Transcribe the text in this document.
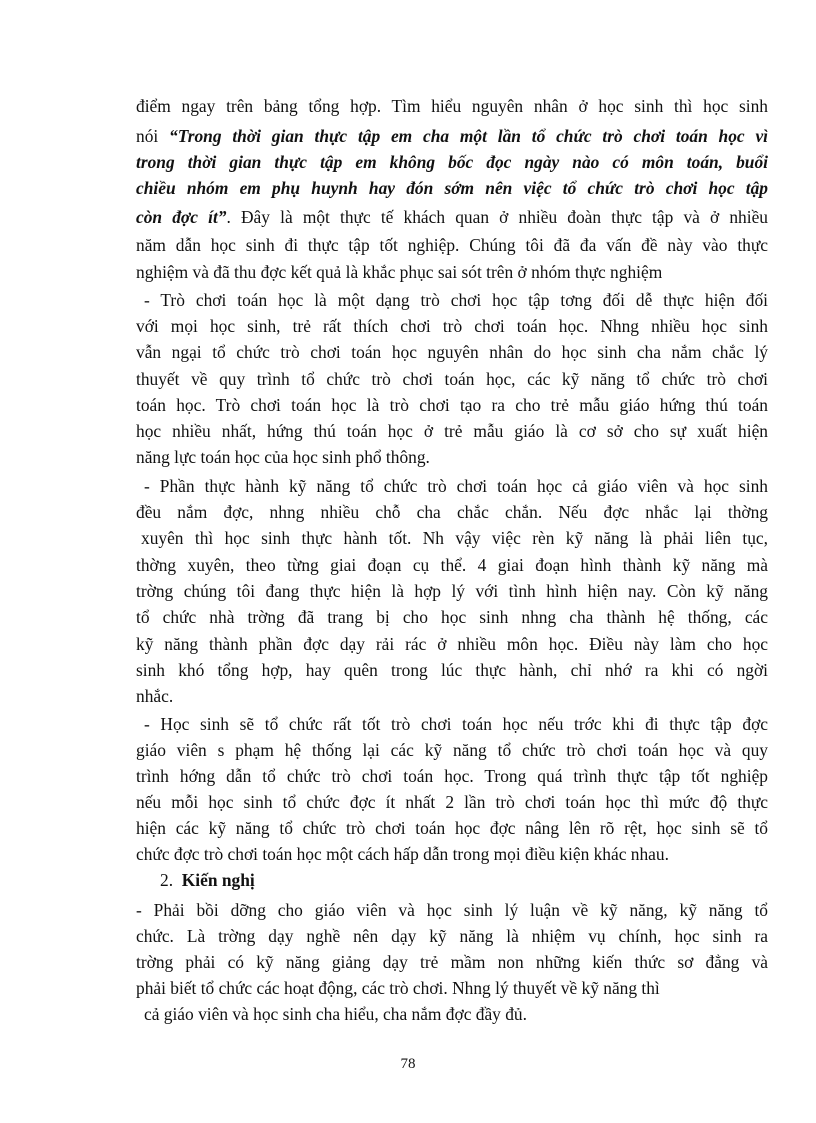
điểm ngay trên bảng tổng hợp. Tìm hiểu nguyên nhân ở học sinh thì học sinh
nói “Trong thời gian thực tập em cha một lần tổ chức trò chơi toán học vì
trong thời gian thực tập em không bốc đọc ngày nào có môn toán, buổi
chiều nhóm em phụ huynh hay đón sớm nên việc tổ chức trò chơi học tập
còn đợc ít”. Đây là một thực tế khách quan ở nhiều đoàn thực tập và ở nhiều
năm dẫn học sinh đi thực tập tốt nghiệp. Chúng tôi đã đa vấn đề này vào thực
nghiệm và đã thu đợc kết quả là khắc phục sai sót trên ở nhóm thực nghiệm
- Trò chơi toán học là một dạng trò chơi học tập tơng đối dễ thực hiện đối
với mọi học sinh, trẻ rất thích chơi trò chơi toán học. Nhng nhiều học sinh
vẫn ngại tổ chức trò chơi toán học nguyên nhân do học sinh cha nắm chắc lý
thuyết về quy trình tổ chức trò chơi toán học, các kỹ năng tổ chức trò chơi
toán học. Trò chơi toán học là trò chơi tạo ra cho trẻ mẫu giáo hứng thú toán
học nhiều nhất, hứng thú toán học ở trẻ mẫu giáo là cơ sở cho sự xuất hiện
năng lực toán học của học sinh phổ thông.
- Phần thực hành kỹ năng tổ chức trò chơi toán học cả giáo viên và học sinh
đều nắm đợc, nhng nhiều chỗ cha chắc chắn. Nếu đợc nhắc lại thờng
xuyên thì học sinh thực hành tốt. Nh vậy việc rèn kỹ năng là phải liên tục,
thờng xuyên, theo từng giai đoạn cụ thể. 4 giai đoạn hình thành kỹ năng mà
trờng chúng tôi đang thực hiện là hợp lý với tình hình hiện nay. Còn kỹ năng
tổ chức nhà trờng đã trang bị cho học sinh nhng cha thành hệ thống, các
kỹ năng thành phần đợc dạy rải rác ở nhiều môn học. Điều này làm cho học
sinh khó tổng hợp, hay quên trong lúc thực hành, chỉ nhớ ra khi có ngời
nhắc.
- Học sinh sẽ tổ chức rất tốt trò chơi toán học nếu trớc khi đi thực tập đợc
giáo viên s phạm hệ thống lại các kỹ năng tổ chức trò chơi toán học và quy
trình hớng dẫn tổ chức trò chơi toán học. Trong quá trình thực tập tốt nghiệp
nếu mỗi học sinh tổ chức đợc ít nhất 2 lần trò chơi toán học thì mức độ thực
hiện các kỹ năng tổ chức trò chơi toán học đợc nâng lên rõ rệt, học sinh sẽ tổ
chức đợc trò chơi toán học một cách hấp dẫn trong mọi điều kiện khác nhau.
2. Kiến nghị
- Phải bồi dỡng cho giáo viên và học sinh lý luận về kỹ năng, kỹ năng tổ
chức. Là trờng dạy nghề nên dạy kỹ năng là nhiệm vụ chính, học sinh ra
trờng phải có kỹ năng giảng dạy trẻ mầm non những kiến thức sơ đẳng và
phải biết tổ chức các hoạt động, các trò chơi. Nhng lý thuyết về kỹ năng thì
cả giáo viên và học sinh cha hiểu, cha nắm đợc đầy đủ.
78
